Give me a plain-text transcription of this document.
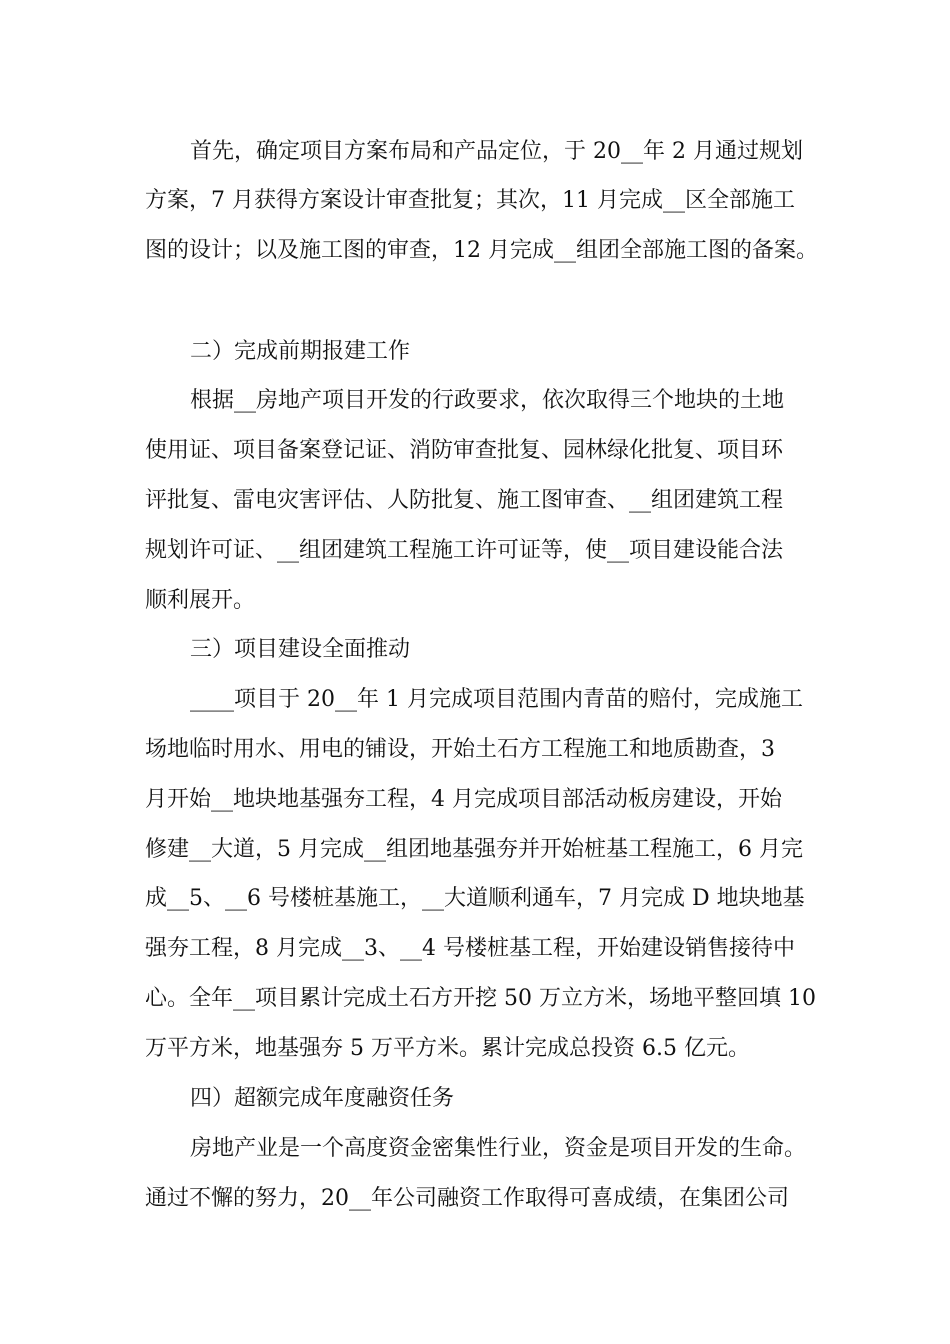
首先，确定项目方案布局和产品定位，于 20__年 2 月通过规划
方案，7 月获得方案设计审查批复；其次，11 月完成__区全部施工
图的设计；以及施工图的审查，12 月完成__组团全部施工图的备案。
二）完成前期报建工作
根据__房地产项目开发的行政要求，依次取得三个地块的土地
使用证、项目备案登记证、消防审查批复、园林绿化批复、项目环
评批复、雷电灾害评估、人防批复、施工图审查、__组团建筑工程
规划许可证、__组团建筑工程施工许可证等，使__项目建设能合法
顺利展开。
三）项目建设全面推动
____项目于 20__年 1 月完成项目范围内青苗的赔付，完成施工
场地临时用水、用电的铺设，开始土石方工程施工和地质勘查，3
月开始__地块地基强夯工程，4 月完成项目部活动板房建设，开始
修建__大道，5 月完成__组团地基强夯并开始桩基工程施工，6 月完
成__5、__6 号楼桩基施工，__大道顺利通车，7 月完成 D 地块地基
强夯工程，8 月完成__3、__4 号楼桩基工程，开始建设销售接待中
心。全年__项目累计完成土石方开挖 50 万立方米，场地平整回填 10
万平方米，地基强夯 5 万平方米。累计完成总投资 6.5 亿元。
四）超额完成年度融资任务
房地产业是一个高度资金密集性行业，资金是项目开发的生命。
通过不懈的努力，20__年公司融资工作取得可喜成绩，在集团公司
